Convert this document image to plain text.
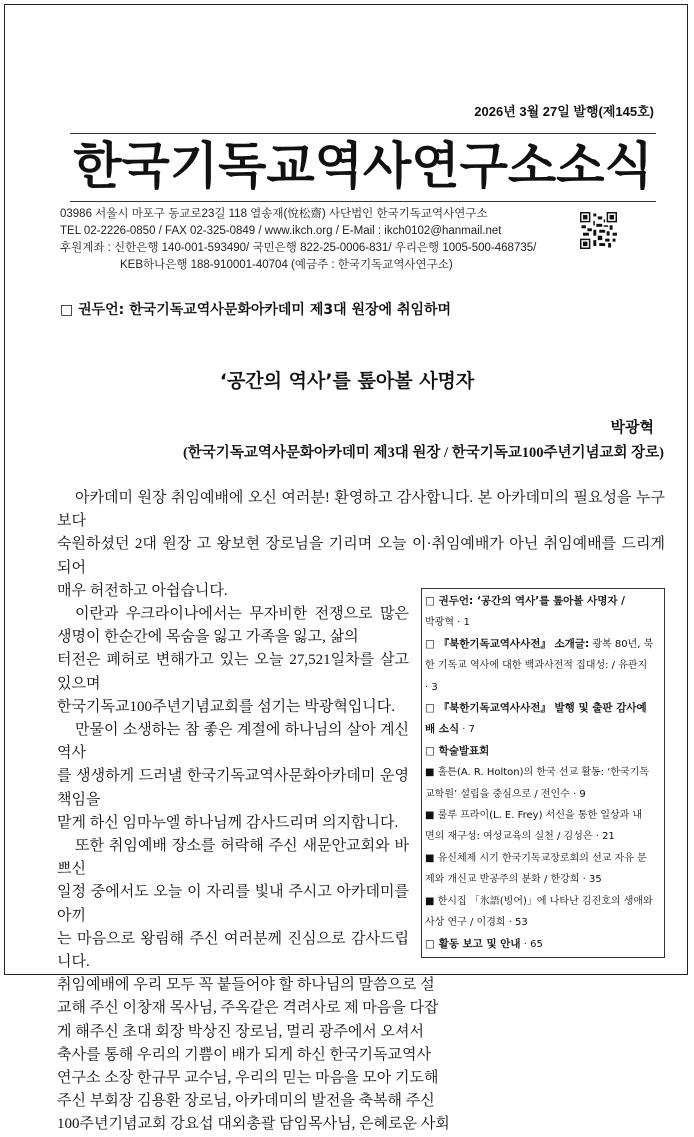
2026년 3월 27일 발행(제145호)
한국기독교역사연구소소식
03986 서울시 마포구 동교로23길 118 열송재(悅松齋) 사단법인 한국기독교역사연구소
TEL 02-2226-0850 / FAX 02-325-0849 / www.ikch.org / E-Mail : ikch0102@hanmail.net
후원계좌 : 신한은행 140-001-593490/ 국민은행 822-25-0006-831/ 우리은행 1005-500-468735/
KEB하나은행 188-910001-40704 (예금주 : 한국기독교역사연구소)
□ 권두언: 한국기독교역사문화아카데미 제3대 원장에 취임하며
‘공간의 역사’를 톺아볼 사명자
박광혁
(한국기독교역사문화아카데미 제3대 원장 / 한국기독교100주년기념교회 장로)
□ 권두언: ‘공간의 역사’를 톺아볼 사명자 /
박광혁 · 1
□ 『북한기독교역사사전』 소개글: 광복 80년, 북
한 기독교 역사에 대한 백과사전적 집대성: / 유관지
· 3
□ 『북한기독교역사사전』 발행 및 출판 감사예
배 소식 · 7
□ 학술발표회
■ 홀튼(A. R. Holton)의 한국 선교 활동: ‘한국기독
교학원’ 설립을 중심으로 / 전인수 · 9
■ 룰루 프라이(L. E. Frey) 서신을 통한 일상과 내
면의 재구성: 여성교육의 실천 / 김성은 · 21
■ 유신체제 시기 한국기독교장로회의 선교 자유 문
제와 개신교 반공주의 분화 / 한강희 · 35
■ 한시집 「氷語(빙어)」에 나타난 김진호의 생애와
사상 연구 / 이경희 · 53
□ 활동 보고 및 안내 · 65
아카데미 원장 취임예배에 오신 여러분! 환영하고 감사합니다. 본 아카데미의 필요성을 누구보다
숙원하셨던 2대 원장 고 왕보현 장로님을 기리며 오늘 이·취임예배가 아닌 취임예배를 드리게 되어
매우 허전하고 아쉽습니다.
이란과 우크라이나에서는 무자비한 전쟁으로 많은 생명이 한순간에 목숨을 잃고 가족을 잃고, 삶의
터전은 폐허로 변해가고 있는 오늘 27,521일차를 살고 있으며
한국기독교100주년기념교회를 섬기는 박광혁입니다.
만물이 소생하는 참 좋은 계절에 하나님의 살아 계신 역사
를 생생하게 드러낼 한국기독교역사문화아카데미 운영책임을
맡게 하신 임마누엘 하나님께 감사드리며 의지합니다.
또한 취임예배 장소를 허락해 주신 새문안교회와 바쁘신
일정 중에서도 오늘 이 자리를 빛내 주시고 아카데미를 아끼
는 마음으로 왕림해 주신 여러분께 진심으로 감사드립니다.
취임예배에 우리 모두 꼭 붙들어야 할 하나님의 말씀으로 설
교해 주신 이창재 목사님, 주옥같은 격려사로 제 마음을 다잡
게 해주신 초대 회장 박상진 장로님, 멀리 광주에서 오셔서
축사를 통해 우리의 기쁨이 배가 되게 하신 한국기독교역사
연구소 소장 한규무 교수님, 우리의 믿는 마음을 모아 기도해
주신 부회장 김용환 장로님, 아카데미의 발전을 축복해 주신
100주년기념교회 강요섭 대외총괄 담임목사님, 은혜로운 사회
